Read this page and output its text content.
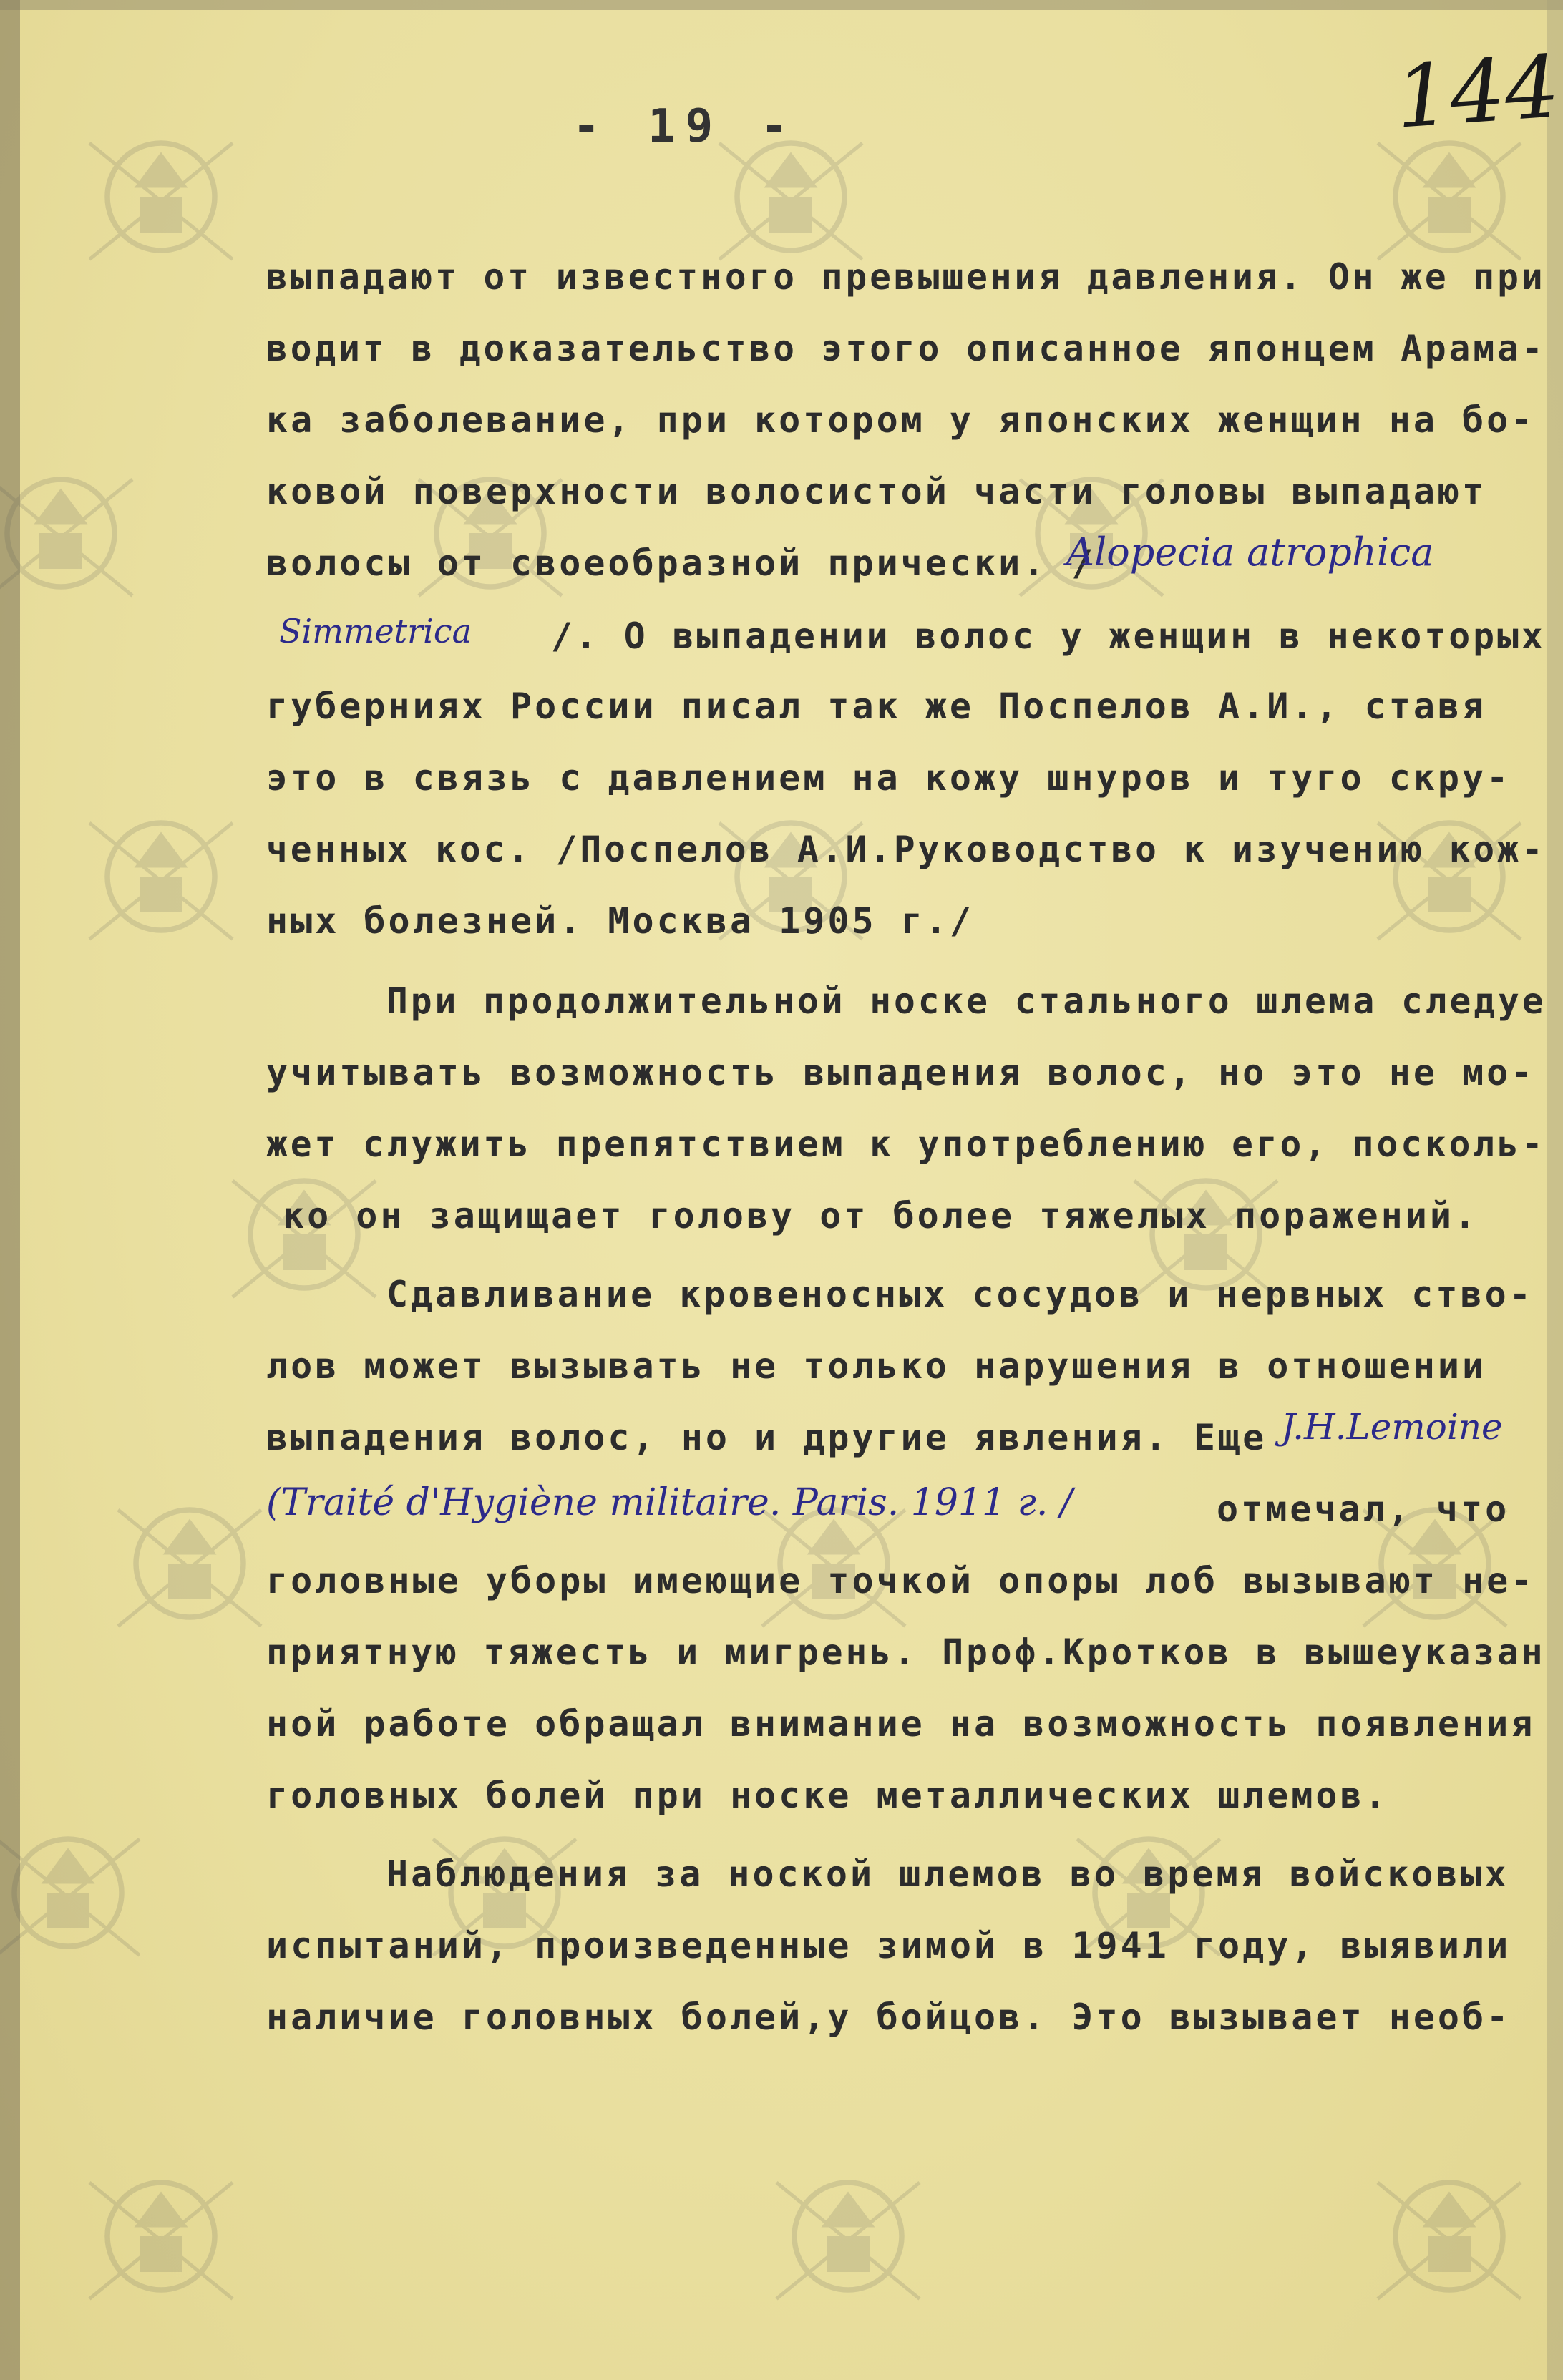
144
- 19 -
выпадают от известного превышения давления. Он же при
водит в доказательство этого описанное японцем Арама-
ка заболевание, при котором у японских женщин на бо-
ковой поверхности волосистой части головы выпадают
волосы от своеобразной прически. /
Alopecia atrophica
Simmetrica /. О выпадении волос у женщин в некоторых
губерниях России писал так же Поспелов А.И., ставя
это в связь с давлением на кожу шнуров и туго скру-
ченных кос. /Поспелов А.И.Руководство к изучению кож-
ных болезней. Москва 1905 г./
При продолжительной носке стального шлема следуе
учитывать возможность выпадения волос, но это не мо-
жет служить препятствием к употреблению его, посколь-
ко он защищает голову от более тяжелых поражений.
Сдавливание кровеносных сосудов и нервных ство-
лов может вызывать не только нарушения в отношении
выпадения волос, но и другие явления. Еще J.H.Lemoine
(Traité d'Hygiène militaire. Paris. 1911 г. /	отмечал, что
головные уборы имеющие точкой опоры лоб вызывают не-
приятную тяжесть и мигрень. Проф.Кротков в вышеуказан
ной работе обращал внимание на возможность появления
головных болей при носке металлических шлемов.
Наблюдения за ноской шлемов во время войсковых
испытаний, произведенные зимой в 1941 году, выявили
наличие головных болей,у бойцов. Это вызывает необ-
